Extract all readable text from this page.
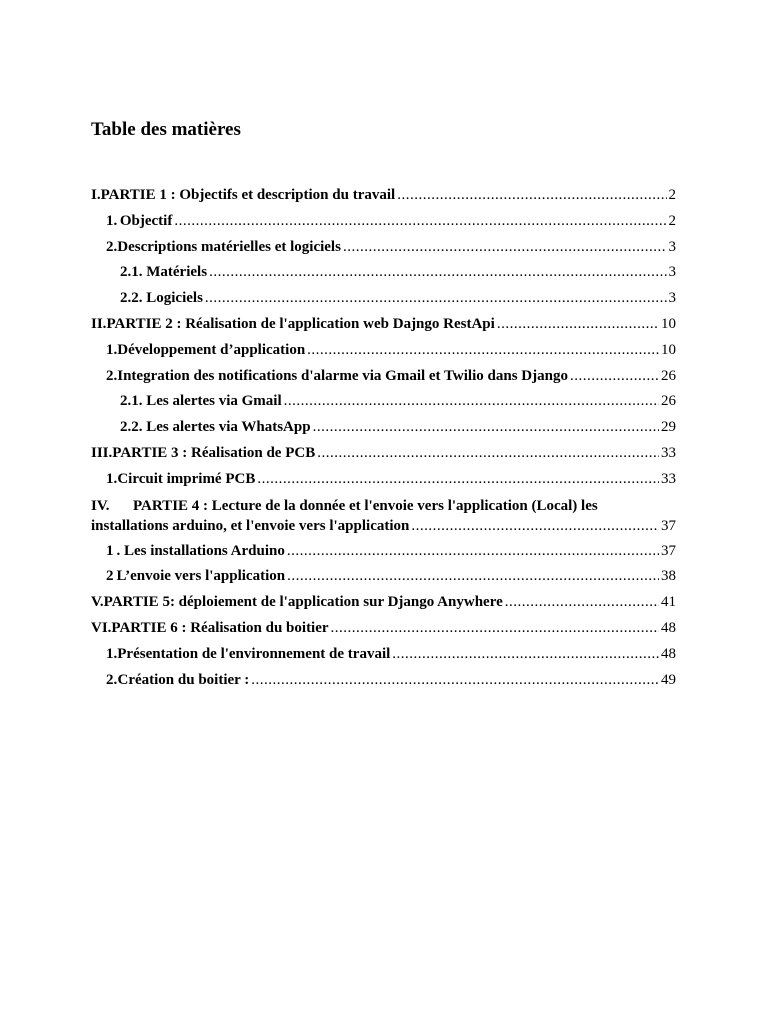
Table des matières
I. PARTIE 1 : Objectifs et description du travail .....	2
1. Objectif .....	2
2. Descriptions matérielles et logiciels .....	3
2.1. Matériels .....	3
2.2. Logiciels .....	3
II. PARTIE 2 : Réalisation de l'application web Dajngo RestApi .....	10
1. Développement d’application .....	10
2. Integration des notifications d'alarme via Gmail et Twilio dans Django .....	26
2.1. Les alertes via Gmail .....	26
2.2. Les alertes via WhatsApp .....	29
III. PARTIE 3 : Réalisation de PCB .....	33
1. Circuit imprimé PCB .....	33
IV.	PARTIE 4 : Lecture de la donnée et l'envoie vers l'application (Local) les
installations arduino, et l'envoie vers l'application .....	37
1 . Les installations Arduino .....	37
2 L’envoie vers l'application .....	38
V. PARTIE 5: déploiement de l'application sur Django Anywhere .....	41
VI. PARTIE 6 : Réalisation du boitier .....	48
1. Présentation de l'environnement de travail .....	48
2. Création du boitier : .....	49
